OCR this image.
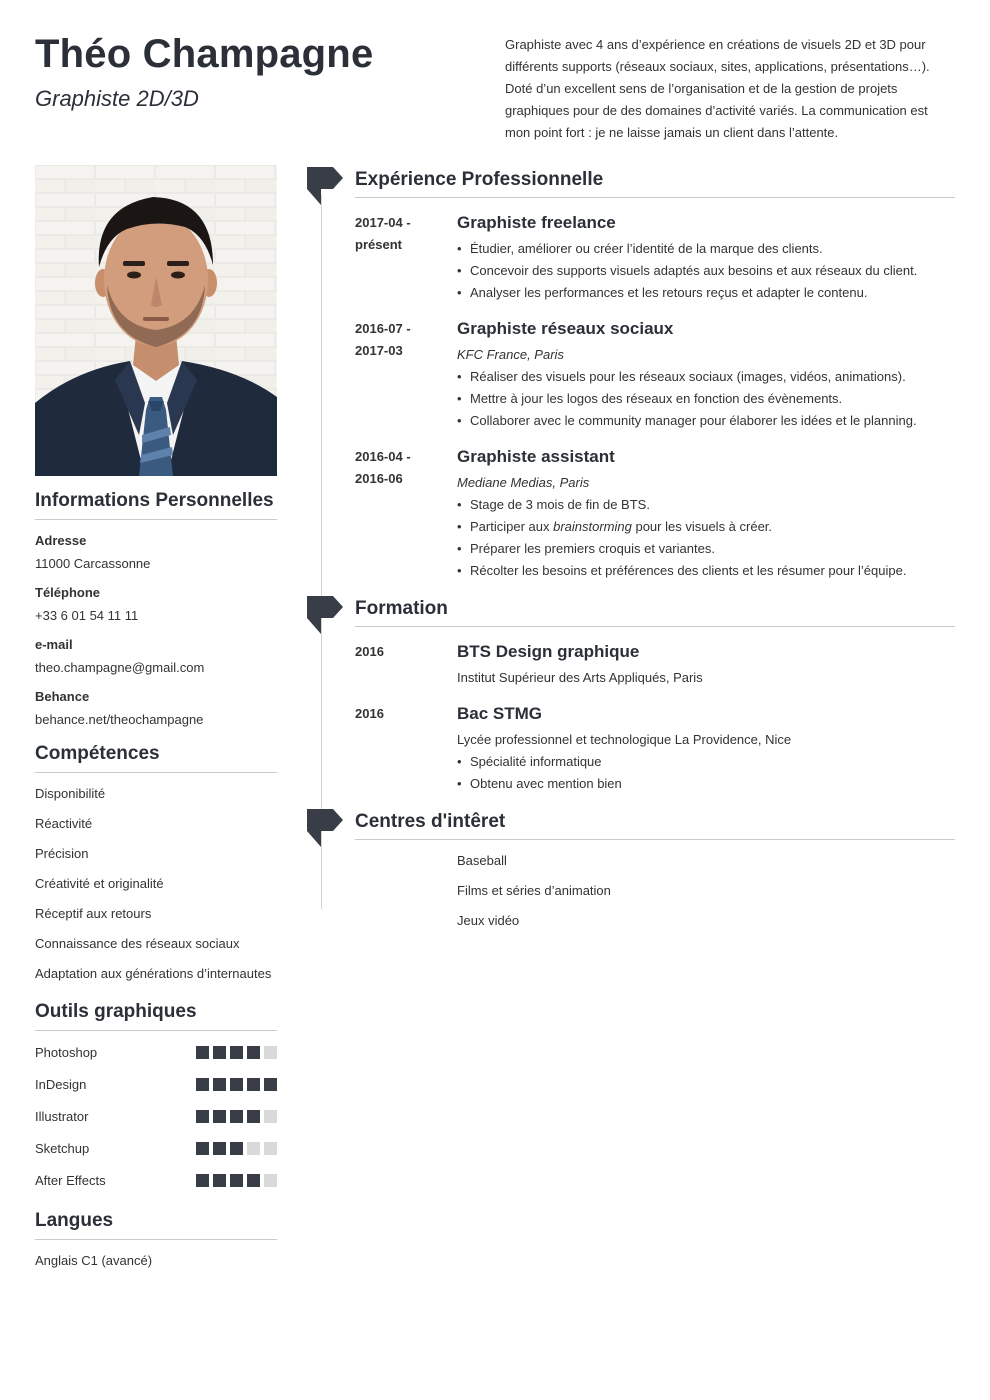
Théo Champagne
Graphiste 2D/3D
Graphiste avec 4 ans d’expérience en créations de visuels 2D et 3D pour différents supports (réseaux sociaux, sites, applications, présentations…). Doté d’un excellent sens de l’organisation et de la gestion de projets graphiques pour de des domaines d’activité variés. La communication est mon point fort : je ne laisse jamais un client dans l’attente.
Informations Personnelles
Adresse
11000 Carcassonne
Téléphone
+33 6 01 54 11 11
e-mail
theo.champagne@gmail.com
Behance
behance.net/theochampagne
Compétences
Disponibilité
Réactivité
Précision
Créativité et originalité
Réceptif aux retours
Connaissance des réseaux sociaux
Adaptation aux générations d’internautes
Outils graphiques
Photoshop
InDesign
Illustrator
Sketchup
After Effects
Langues
Anglais C1 (avancé)
Expérience Professionnelle
2017-04 -
présent
Graphiste freelance
• Étudier, améliorer ou créer l’identité de la marque des clients.
• Concevoir des supports visuels adaptés aux besoins et aux réseaux du client.
• Analyser les performances et les retours reçus et adapter le contenu.
2016-07 -
2017-03
Graphiste réseaux sociaux
KFC France, Paris
• Réaliser des visuels pour les réseaux sociaux (images, vidéos, animations).
• Mettre à jour les logos des réseaux en fonction des évènements.
• Collaborer avec le community manager pour élaborer les idées et le planning.
2016-04 -
2016-06
Graphiste assistant
Mediane Medias, Paris
• Stage de 3 mois de fin de BTS.
• Participer aux brainstorming pour les visuels à créer.
• Préparer les premiers croquis et variantes.
• Récolter les besoins et préférences des clients et les résumer pour l’équipe.
Formation
2016	BTS Design graphique
Institut Supérieur des Arts Appliqués, Paris
2016	Bac STMG
Lycée professionnel et technologique La Providence, Nice
• Spécialité informatique
• Obtenu avec mention bien
Centres d'intêret
Baseball
Films et séries d’animation
Jeux vidéo
